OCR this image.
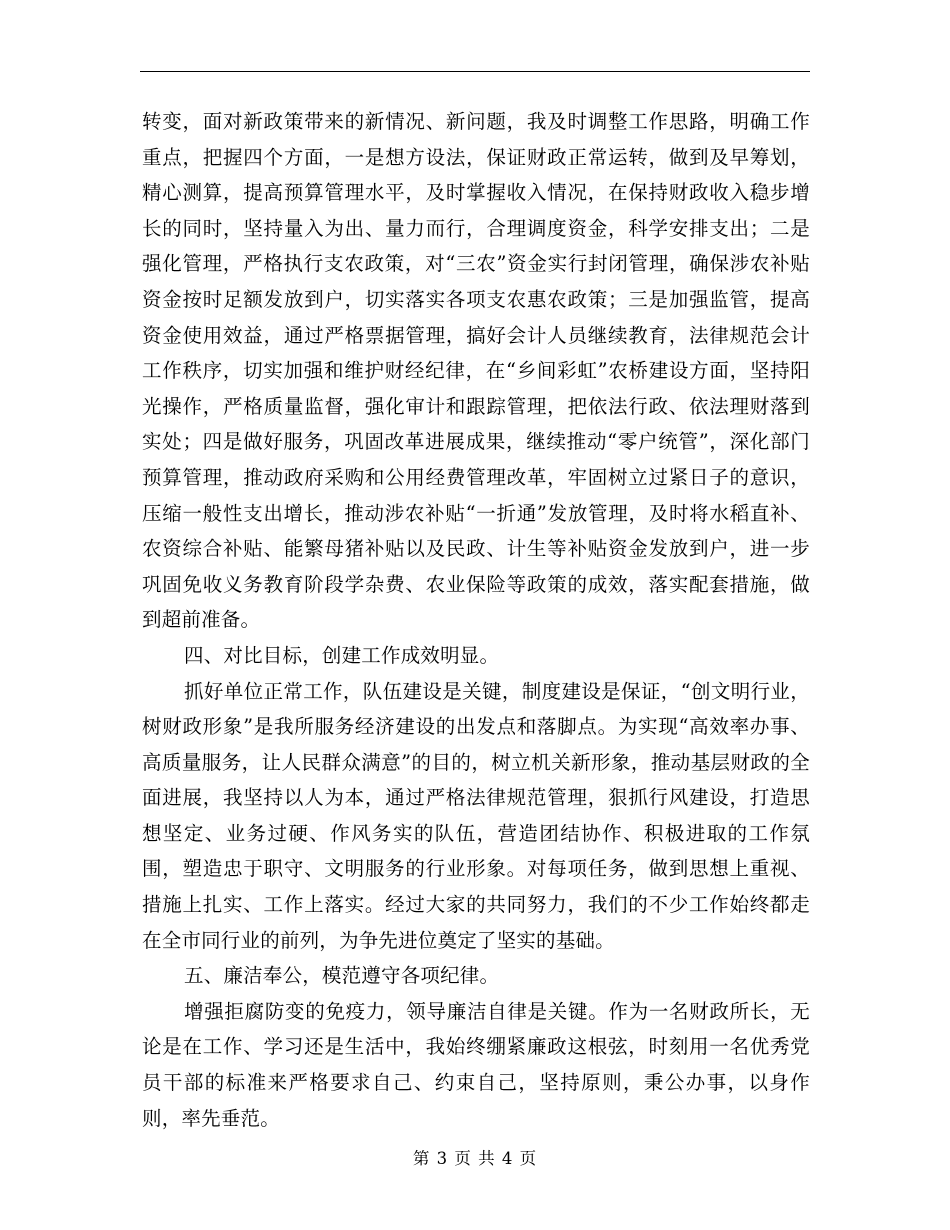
转变，面对新政策带来的新情况、新问题，我及时调整工作思路，明确工作重点，把握四个方面，一是想方设法，保证财政正常运转，做到及早筹划，精心测算，提高预算管理水平，及时掌握收入情况，在保持财政收入稳步增长的同时，坚持量入为出、量力而行，合理调度资金，科学安排支出；二是强化管理，严格执行支农政策，对“三农”资金实行封闭管理，确保涉农补贴资金按时足额发放到户，切实落实各项支农惠农政策；三是加强监管，提高资金使用效益，通过严格票据管理，搞好会计人员继续教育，法律规范会计工作秩序，切实加强和维护财经纪律，在“乡间彩虹”农桥建设方面，坚持阳光操作，严格质量监督，强化审计和跟踪管理，把依法行政、依法理财落到实处；四是做好服务，巩固改革进展成果，继续推动“零户统管”，深化部门预算管理，推动政府采购和公用经费管理改革，牢固树立过紧日子的意识，压缩一般性支出增长，推动涉农补贴“一折通”发放管理，及时将水稻直补、农资综合补贴、能繁母猪补贴以及民政、计生等补贴资金发放到户，进一步巩固免收义务教育阶段学杂费、农业保险等政策的成效，落实配套措施，做到超前准备。

四、对比目标，创建工作成效明显。

抓好单位正常工作，队伍建设是关键，制度建设是保证，“创文明行业，树财政形象”是我所服务经济建设的出发点和落脚点。为实现“高效率办事、高质量服务，让人民群众满意”的目的，树立机关新形象，推动基层财政的全面进展，我坚持以人为本，通过严格法律规范管理，狠抓行风建设，打造思想坚定、业务过硬、作风务实的队伍，营造团结协作、积极进取的工作氛围，塑造忠于职守、文明服务的行业形象。对每项任务，做到思想上重视、措施上扎实、工作上落实。经过大家的共同努力，我们的不少工作始终都走在全市同行业的前列，为争先进位奠定了坚实的基础。

五、廉洁奉公，模范遵守各项纪律。

增强拒腐防变的免疫力，领导廉洁自律是关键。作为一名财政所长，无论是在工作、学习还是生活中，我始终绷紧廉政这根弦，时刻用一名优秀党员干部的标准来严格要求自己、约束自己，坚持原则，秉公办事，以身作则，率先垂范。

第 3 页 共 4 页
